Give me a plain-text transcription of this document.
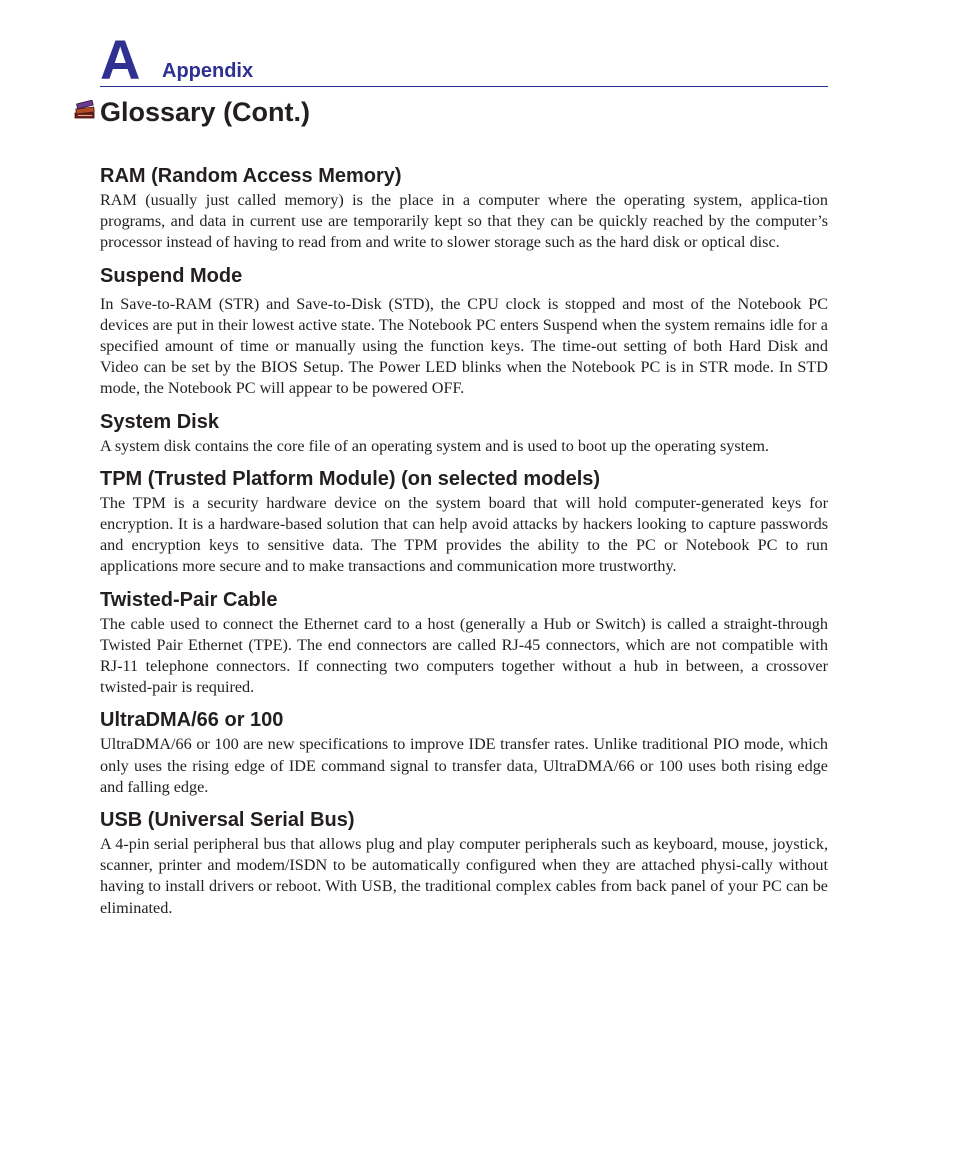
A Appendix
Glossary (Cont.)
RAM (Random Access Memory)

RAM (usually just called memory) is the place in a computer where the operating system, applica-tion programs, and data in current use are temporarily kept so that they can be quickly reached by the computer’s processor instead of having to read from and write to slower storage such as the hard disk or optical disc.

Suspend Mode

In Save-to-RAM (STR) and Save-to-Disk (STD), the CPU clock is stopped and most of the Notebook PC devices are put in their lowest active state. The Notebook PC enters Suspend when the system remains idle for a specified amount of time or manually using the function keys. The time-out setting of both Hard Disk and Video can be set by the BIOS Setup. The Power LED blinks when the Notebook PC is in STR mode. In STD mode, the Notebook PC will appear to be powered OFF.

System Disk

A system disk contains the core file of an operating system and is used to boot up the operating system.

TPM (Trusted Platform Module) (on selected models)

The TPM is a security hardware device on the system board that will hold computer-generated keys for encryption. It is a hardware-based solution that can help avoid attacks by hackers looking to capture passwords and encryption keys to sensitive data. The TPM provides the ability to the PC or Notebook PC to run applications more secure and to make transactions and communication more trustworthy.

Twisted-Pair Cable

The cable used to connect the Ethernet card to a host (generally a Hub or Switch) is called a straight-through Twisted Pair Ethernet (TPE). The end connectors are called RJ-45 connectors, which are not compatible with RJ-11 telephone connectors. If connecting two computers together without a hub in between, a crossover twisted-pair is required.

UltraDMA/66 or 100

UltraDMA/66 or 100 are new specifications to improve IDE transfer rates. Unlike traditional PIO mode, which only uses the rising edge of IDE command signal to transfer data, UltraDMA/66 or 100 uses both rising edge and falling edge.

USB (Universal Serial Bus)

A 4-pin serial peripheral bus that allows plug and play computer peripherals such as keyboard, mouse, joystick, scanner, printer and modem/ISDN to be automatically configured when they are attached physi-cally without having to install drivers or reboot. With USB, the traditional complex cables from back panel of your PC can be eliminated.
